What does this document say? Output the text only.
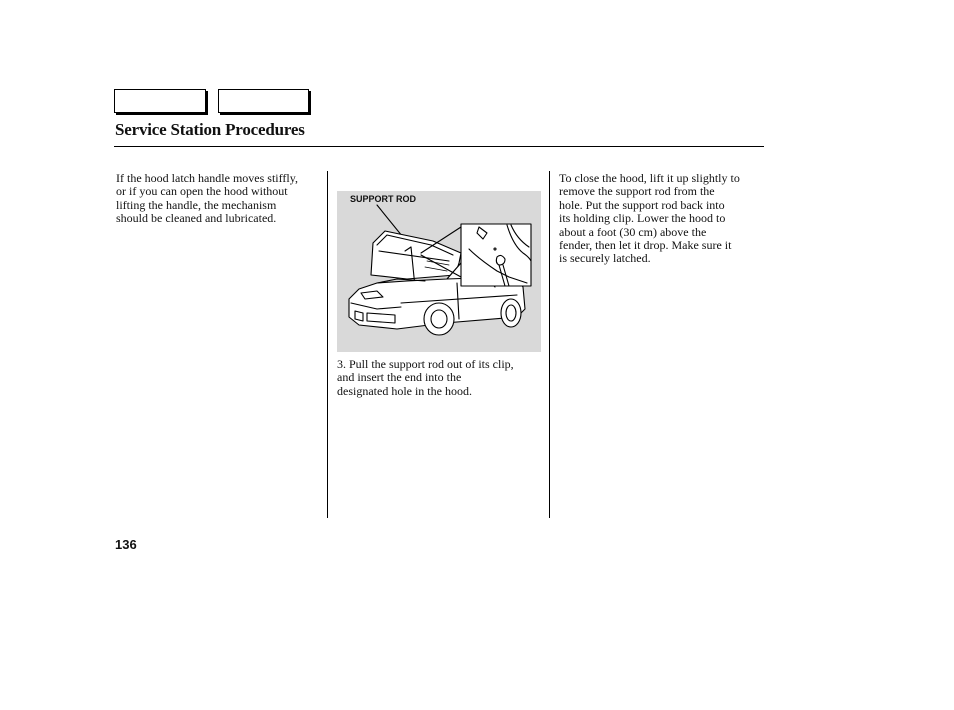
Service Station Procedures
If the hood latch handle moves stiffly,
or if you can open the hood without
lifting the handle, the mechanism
should be cleaned and lubricated.
SUPPORT ROD
3. Pull the support rod out of its clip,
and insert the end into the
designated hole in the hood.
To close the hood, lift it up slightly to
remove the support rod from the
hole. Put the support rod back into
its holding clip. Lower the hood to
about a foot (30 cm) above the
fender, then let it drop. Make sure it
is securely latched.
136
